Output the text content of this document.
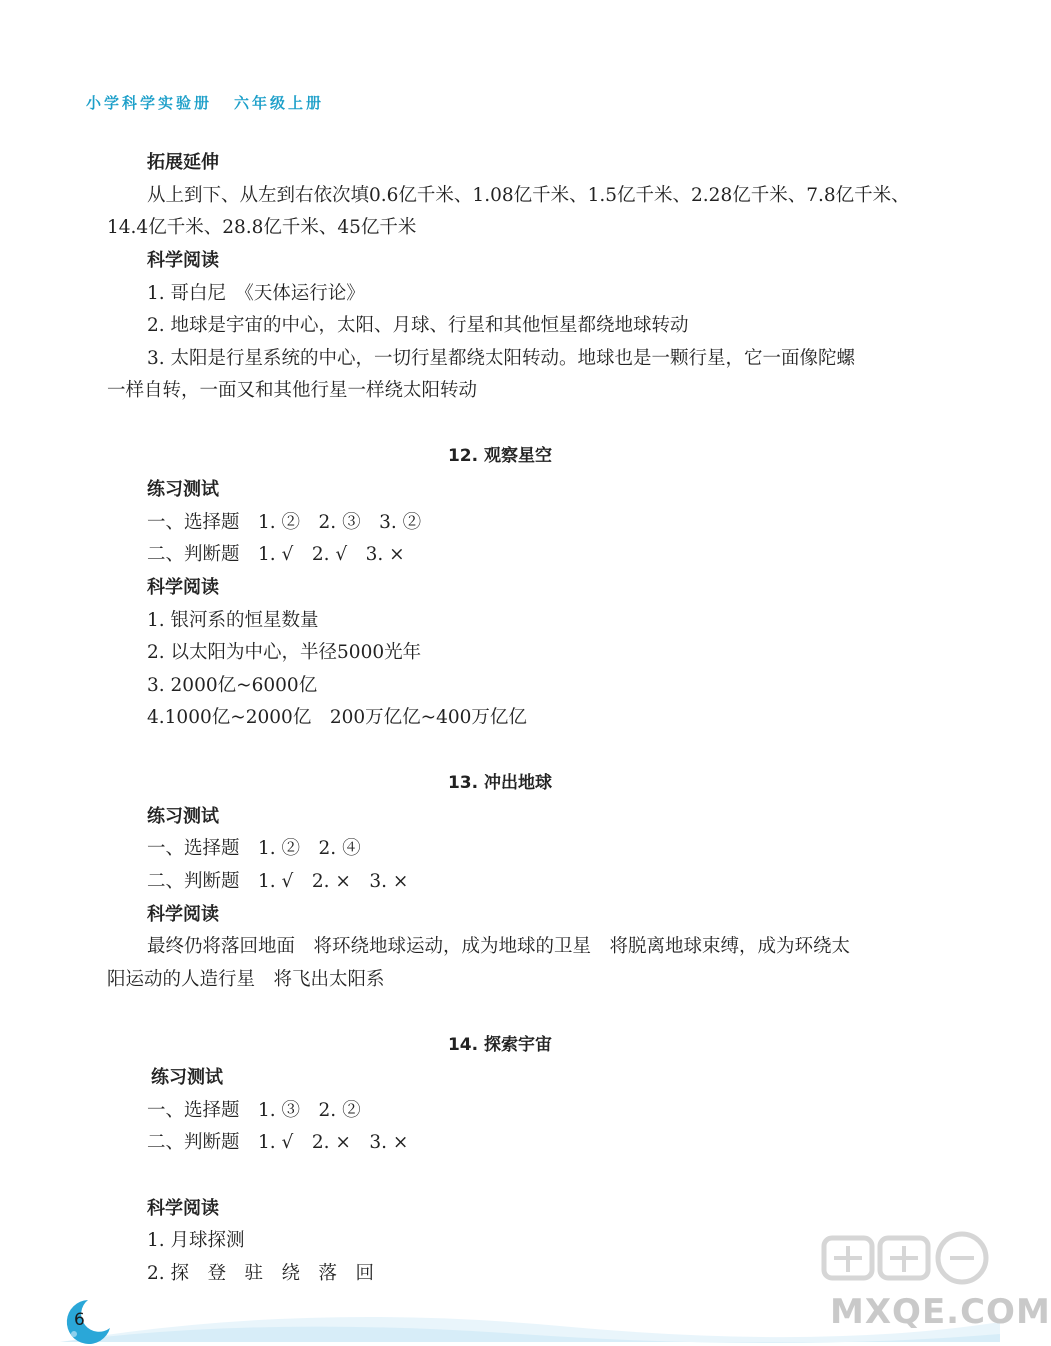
小学科学实验册 六年级上册
拓展延伸
从上到下、从左到右依次填0.6亿千米、1.08亿千米、1.5亿千米、2.28亿千米、7.8亿千米、
14.4亿千米、28.8亿千米、45亿千米
科学阅读
1. 哥白尼　《天体运行论》
2. 地球是宇宙的中心，太阳、月球、行星和其他恒星都绕地球转动
3. 太阳是行星系统的中心，一切行星都绕太阳转动。地球也是一颗行星，它一面像陀螺
一样自转，一面又和其他行星一样绕太阳转动
12. 观察星空
练习测试
一、选择题　1. ②　2. ③　3. ②
二、判断题　1. √　2. √　3. ×
科学阅读
1. 银河系的恒星数量
2. 以太阳为中心，半径5000光年
3. 2000亿~6000亿
4.1000亿~2000亿　200万亿亿~400万亿亿
13. 冲出地球
练习测试
一、选择题　1. ②　2. ④
二、判断题　1. √　2. ×　3. ×
科学阅读
最终仍将落回地面　将环绕地球运动，成为地球的卫星　将脱离地球束缚，成为环绕太
阳运动的人造行星　将飞出太阳系
14. 探索宇宙
练习测试
一、选择题　1. ③　2. ②
二、判断题　1. √　2. ×　3. ×
科学阅读
1. 月球探测
2. 探　登　驻　绕　落　回
6	MXQE.COM
